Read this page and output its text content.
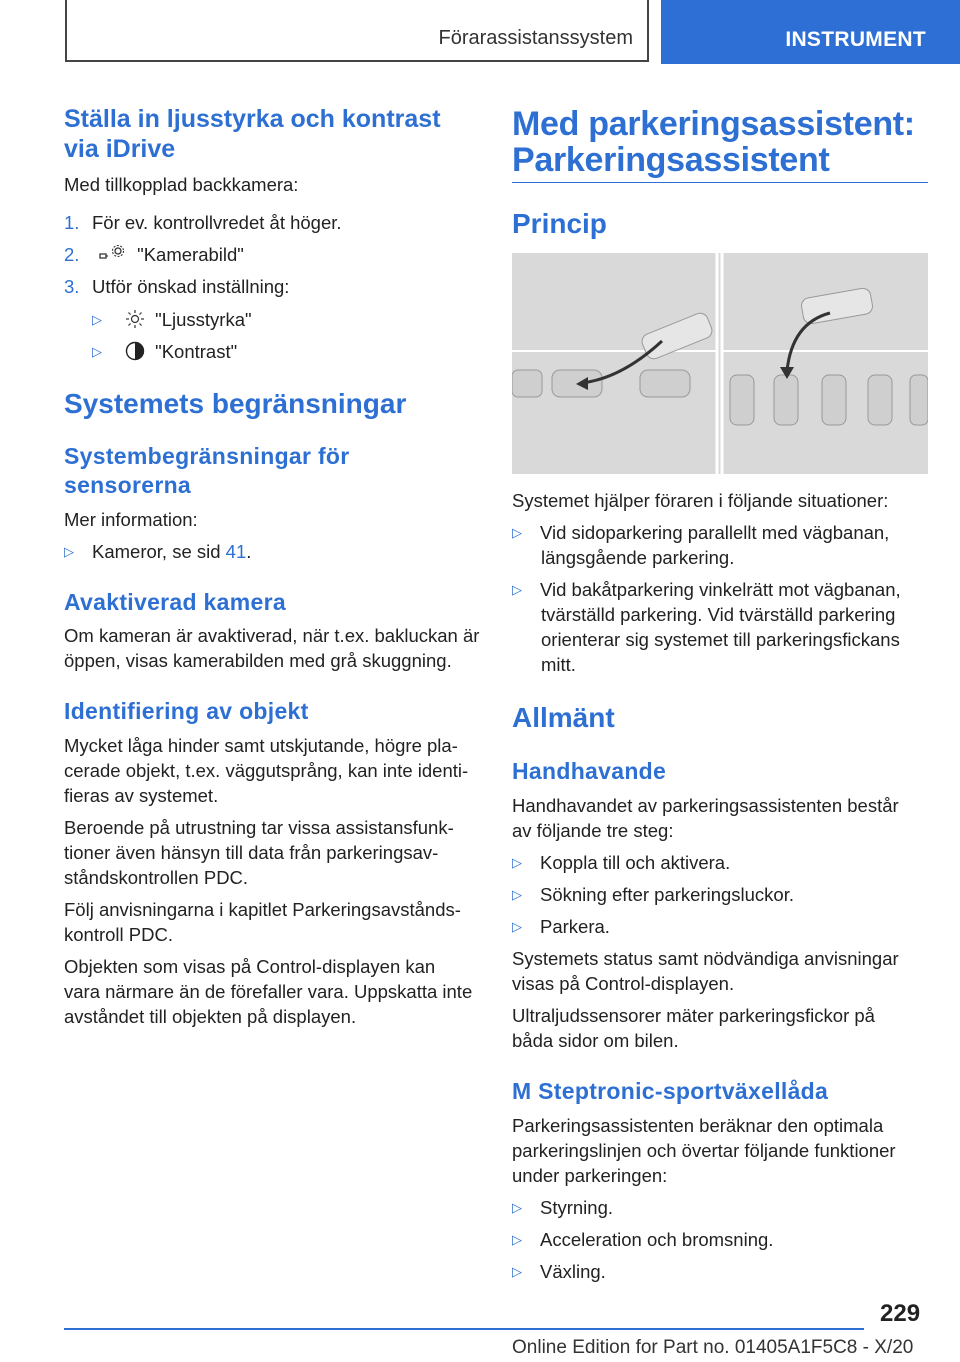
Förarassistanssystem	INSTRUMENT
Ställa in ljusstyrka och kontrast
via iDrive
Med tillkopplad backkamera:
1. För ev. kontrollvredet åt höger.
2.	"Kamerabild"
3. Utför önskad inställning:
▷	"Ljusstyrka"
▷	"Kontrast"
Systemets begränsningar
Systembegränsningar för
sensorerna
Mer information:
▷ Kameror, se sid 41.
Avaktiverad kamera
Om kameran är avaktiverad, när t.ex. bakluckan är
öppen, visas kamerabilden med grå skuggning.
Identifiering av objekt
Mycket låga hinder samt utskjutande, högre pla-
cerade objekt, t.ex. väggutsprång, kan inte identi-
fieras av systemet.
Beroende på utrustning tar vissa assistansfunk-
tioner även hänsyn till data från parkeringsav-
ståndskontrollen PDC.
Följ anvisningarna i kapitlet Parkeringsavstånds-
kontroll PDC.
Objekten som visas på Control-displayen kan
vara närmare än de förefaller vara. Uppskatta inte
avståndet till objekten på displayen.
Med parkeringsassistent:
Parkeringsassistent
Princip
Systemet hjälper föraren i följande situationer:
▷ Vid sidoparkering parallellt med vägbanan,
längsgående parkering.
▷ Vid bakåtparkering vinkelrätt mot vägbanan,
tvärställd parkering. Vid tvärställd parkering
orienterar sig systemet till parkeringsfickans
mitt.
Allmänt
Handhavande
Handhavandet av parkeringsassistenten består
av följande tre steg:
▷ Koppla till och aktivera.
▷ Sökning efter parkeringsluckor.
▷ Parkera.
Systemets status samt nödvändiga anvisningar
visas på Control-displayen.
Ultraljudssensorer mäter parkeringsfickor på
båda sidor om bilen.
M Steptronic-sportväxellåda
Parkeringsassistenten beräknar den optimala
parkeringslinjen och övertar följande funktioner
under parkeringen:
▷ Styrning.
▷ Acceleration och bromsning.
▷ Växling.
229
Online Edition for Part no. 01405A1F5C8 - X/20
